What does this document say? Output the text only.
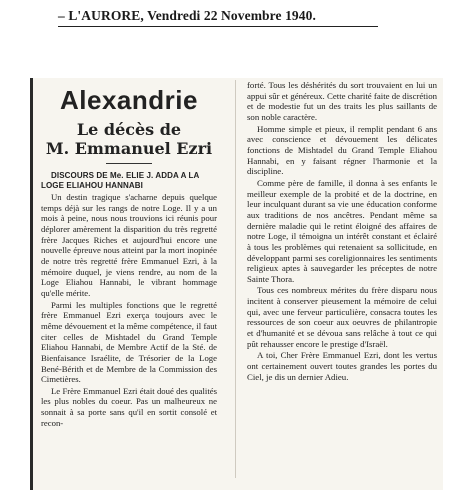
– L'AURORE, Vendredi 22 Novembre 1940.
Alexandrie
Le décès de
M. Emmanuel Ezri

DISCOURS DE Me. ELIE J. ADDA A LA LOGE ELIAHOU HANNABI

Un destin tragique s'acharne depuis quelque temps déjà sur les rangs de notre Loge. Il y a un mois à peine, nous nous trouvions ici réunis pour déplorer amèrement la disparition du très regretté frère Jacques Riches et aujourd'hui encore une nouvelle épreuve nous atteint par la mort inopinée de notre très regretté frère Emmanuel Ezri, à la mémoire duquel, je viens rendre, au nom de la Loge Eliahou Hannabi, le vibrant hommage qu'elle mérite.

Parmi les multiples fonctions que le regretté frère Emmanuel Ezri exerça toujours avec le même dévouement et la même compétence, il faut citer celles de Mishtadel du Grand Temple Eliahou Hannabi, de Membre Actif de la Sté. de Bienfaisance Israélite, de Trésorier de la Loge Bené-Bérith et de Membre de la Commission des Cimetières.

Le Frère Emmanuel Ezri était doué des qualités les plus nobles du coeur. Pas un malheureux ne sonnait à sa porte sans qu'il en sortit consolé et recon-

forté. Tous les déshérités du sort trouvaient en lui un appui sûr et généreux. Cette charité faite de discrétion et de modestie fut un des traits les plus saillants de son noble caractère.

Homme simple et pieux, il remplit pendant 6 ans avec conscience et dévouement les délicates fonctions de Mishtadel du Grand Temple Eliahou Hannabi, en y faisant régner l'harmonie et la discipline.

Comme père de famille, il donna à ses enfants le meilleur exemple de la probité et de la doctrine, en leur inculquant durant sa vie une éducation conforme aux traditions de nos ancêtres. Pendant même sa dernière maladie qui le retint éloigné des affaires de notre Loge, il témoigna un intérêt constant et éclairé à tous les problèmes qui retenaient sa sollicitude, en développant parmi ses coreligionnaires les sentiments religieux aptes à sauvegarder les préceptes de notre Sainte Thora.

Tous ces nombreux mérites du frère disparu nous incitent à conserver pieusement la mémoire de celui qui, avec une ferveur particulière, consacra toutes les ressources de son coeur aux oeuvres de philantropie et d'humanité et se dévoua sans relâche à tout ce qui pût rehausser encore le prestige d'Israël.

A toi, Cher Frère Emmanuel Ezri, dont les vertus ont certainement ouvert toutes grandes les portes du Ciel, je dis un dernier Adieu.
